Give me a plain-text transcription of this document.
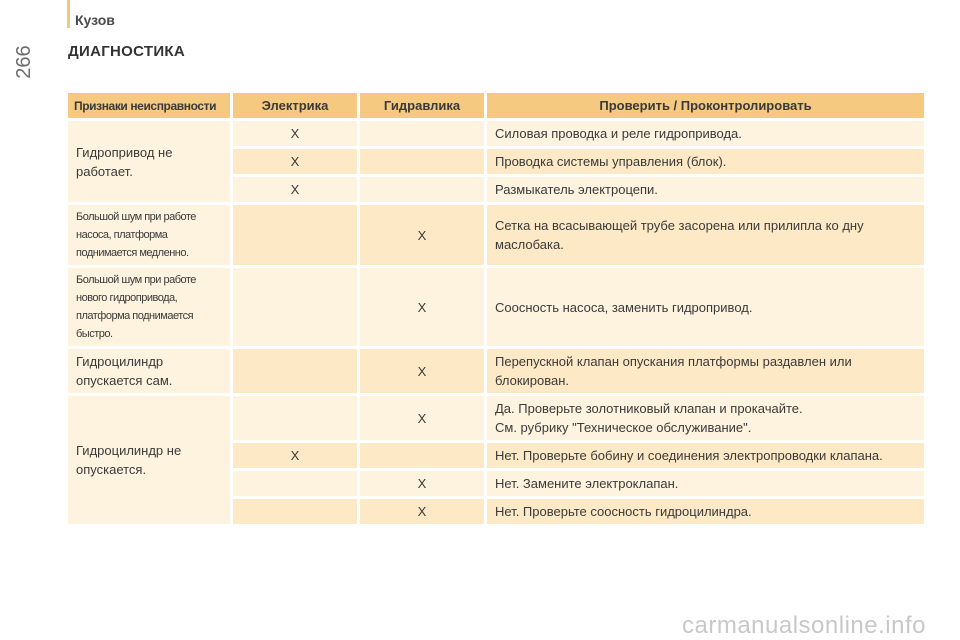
266
Кузов
ДИАГНОСТИКА
Признаки неисправности	Электрика	Гидравлика	Проверить / Проконтролировать
Гидропривод не работает.	X		Силовая проводка и реле гидропривода.
	X		Проводка системы управления (блок).
	X		Размыкатель электроцепи.
Большой шум при работе насоса, платформа поднимается медленно.		X	Сетка на всасывающей трубе засорена или прилипла ко дну маслобака.
Большой шум при работе нового гидропривода, платформа поднимается быстро.		X	Соосность насоса, заменить гидропривод.
Гидроцилиндр опускается сам.		X	Перепускной клапан опускания платформы раздавлен или блокирован.
Гидроцилиндр не опускается.		X	Да. Проверьте золотниковый клапан и прокачайте.
См. рубрику "Техническое обслуживание".

	X		Нет. Проверьте бобину и соединения электропроводки клапана.
		X	Нет. Замените электроклапан.
		X	Нет. Проверьте соосность гидроцилиндра.
carmanualsonline.info
